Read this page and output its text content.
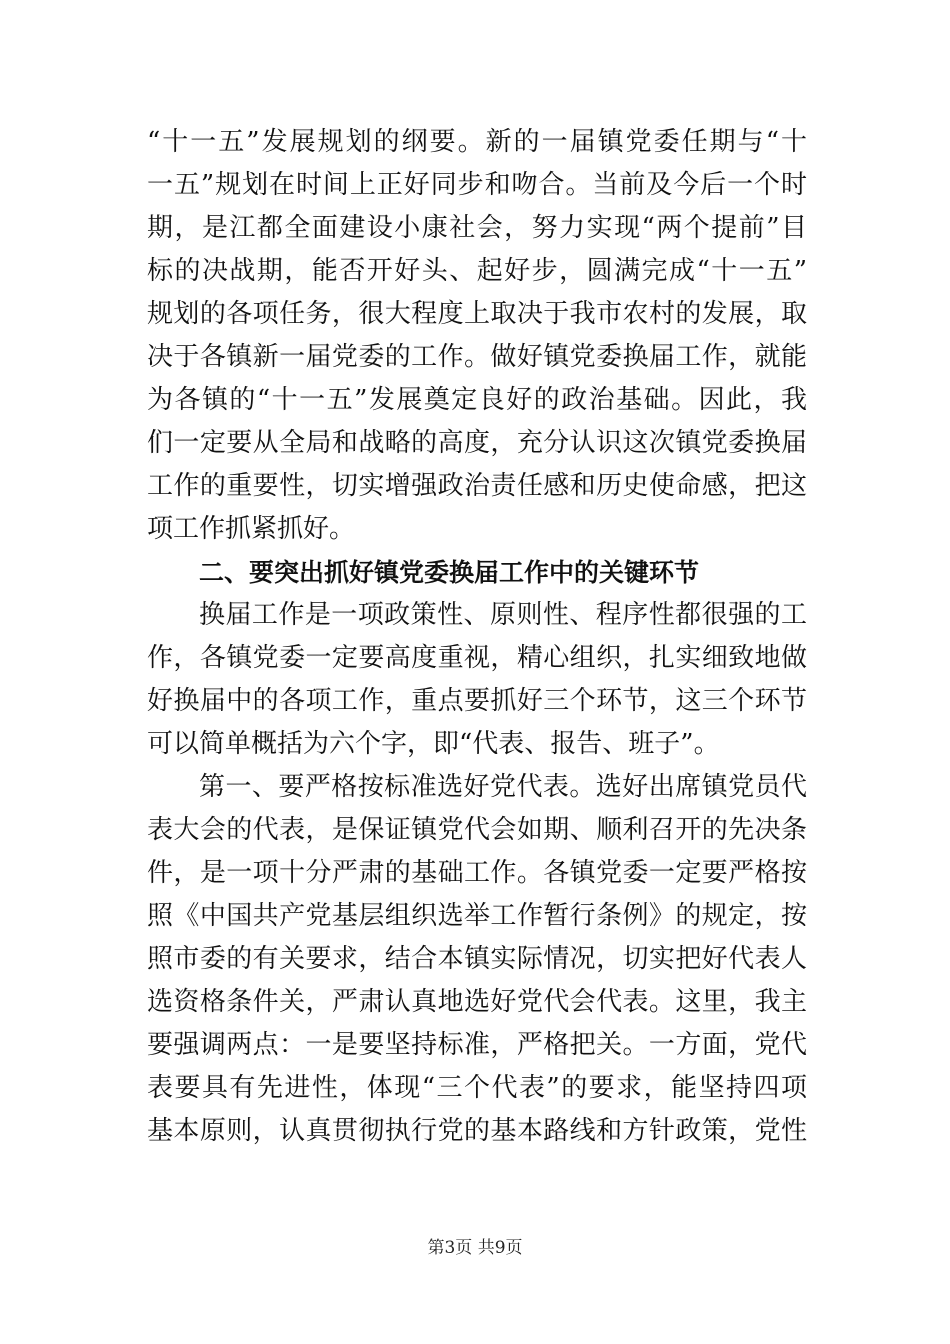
“十一五”发展规划的纲要。新的一届镇党委任期与“十
一五”规划在时间上正好同步和吻合。当前及今后一个时
期，是江都全面建设小康社会，努力实现“两个提前”目
标的决战期，能否开好头、起好步，圆满完成“十一五”
规划的各项任务，很大程度上取决于我市农村的发展，取
决于各镇新一届党委的工作。做好镇党委换届工作，就能
为各镇的“十一五”发展奠定良好的政治基础。因此，我
们一定要从全局和战略的高度，充分认识这次镇党委换届
工作的重要性，切实增强政治责任感和历史使命感，把这
项工作抓紧抓好。
二、要突出抓好镇党委换届工作中的关键环节
换届工作是一项政策性、原则性、程序性都很强的工
作，各镇党委一定要高度重视，精心组织，扎实细致地做
好换届中的各项工作，重点要抓好三个环节，这三个环节
可以简单概括为六个字，即“代表、报告、班子”。
第一、要严格按标准选好党代表。选好出席镇党员代
表大会的代表，是保证镇党代会如期、顺利召开的先决条
件，是一项十分严肃的基础工作。各镇党委一定要严格按
照《中国共产党基层组织选举工作暂行条例》的规定，按
照市委的有关要求，结合本镇实际情况，切实把好代表人
选资格条件关，严肃认真地选好党代会代表。这里，我主
要强调两点：一是要坚持标准，严格把关。一方面，党代
表要具有先进性，体现“三个代表”的要求，能坚持四项
基本原则，认真贯彻执行党的基本路线和方针政策，党性
第3页 共9页
